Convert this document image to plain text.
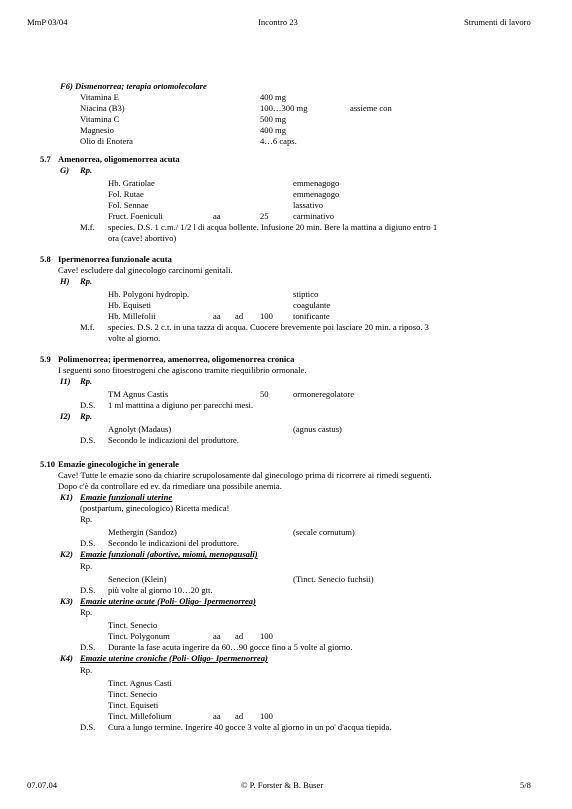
MmP 03/04	Incontro 23	Strumenti di lavoro
F6) Dismenorrea; terapia ortomolecolare
Vitamina E	400 mg
Niacina (B3)	100…300 mg	assieme con
Vitamina C	500 mg
Magnesio	400 mg
Olio di Enotera	4…6 caps.
5.7 Amenorrea, oligomenorrea acuta
G) Rp.
Hb. Gratiolae	emmenagogo
Fol. Rutae	emmenagogo
Fol. Sennae	lassativo
Fruct. Foeniculi	aa	25	carminativo
M.f. species. D.S. 1 c.m./ 1/2 l di acqua bollente. Infusione 20 min. Bere la mattina a digiuno entro 1
ora (cave! abortivo)
5.8 Ipermenorrea funzionale acuta
Cave! escludere dal ginecologo carcinomi genitali.
H) Rp.
Hb. Polygoni hydropip.	stiptico
Hb. Equiseti	coagulante
Hb. Millefolii	aa ad 100 tonificante
M.f. species. D.S. 2 c.t. in una tazza di acqua. Cuocere brevemente poi lasciare 20 min. a riposo. 3
volte al giorno.
5.9 Polimenorrea; ipermenorrea, amenorrea, oligomenorrea cronica
I seguenti sono fitoestrogeni che agiscono tramite riequilibrio ormonale.
I1) Rp.
TM Agnus Castis	50	ormoneregolatore
D.S. 1 ml matttina a digiuno per parecchi mesi.
I2) Rp.
Agnolyt (Madaus)	(agnus castus)
D.S. Secondo le indicazioni del produttore.
5.10 Emazie ginecologiche in generale
Cave! Tutte le emazie sono da chiarire scrupolosamente dal ginecologo prima di ricorrere ai rimedi seguenti.
Dopo c'è da controllare ed ev. da rimediare una possibile anemia.
K1) Emazie funzionali uterine
(postpartum, ginecologico) Ricetta medica!
Rp.
Methergin (Sandoz)	(secale cornutum)
D.S. Secondo le indicazioni del produttore.
K2) Emazie funzionali (abortive, miomi, menopausali)
Rp.
Senecion (Klein)	(Tinct. Senecio fuchsii)
D.S. più volte al giorno 10…20 gtt.
K3) Emazie uterine acute (Poli- Oligo- Ipermenorrea)
Rp.
Tinct. Senecio
Tinct. Polygonum	aa ad 100
D.S. Durante la fase acuta ingerire da 60…90 gocce fino a 5 volte al giorno.
K4) Emazie uterine croniche (Poli- Oligo- Ipermenorrea)
Rp.
Tinct. Agnus Casti
Tinct. Senecio
Tinct. Equiseti
Tinct. Millefolium	aa ad 100
D.S. Cura a lungo termine. Ingerire 40 gocce 3 volte al giorno in un po' d'acqua tiepida.
07.07.04	© P. Forster & B. Buser	5/8
